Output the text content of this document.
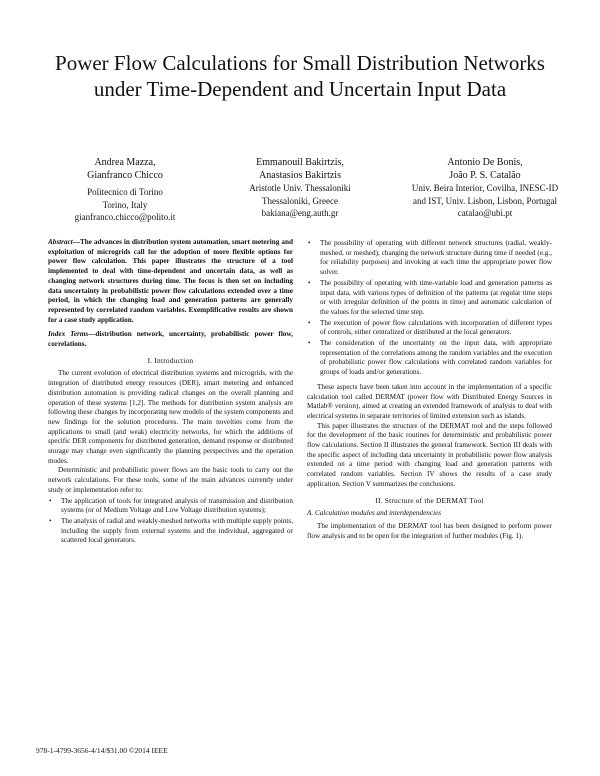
Power Flow Calculations for Small Distribution Networks under Time-Dependent and Uncertain Input Data
Andrea Mazza,
Gianfranco Chicco
Politecnico di Torino
Torino, Italy
gianfranco.chicco@polito.it
Emmanouil Bakirtzis,
Anastasios Bakirtzis
Aristotle Univ. Thessaloniki
Thessaloniki, Greece
bakiana@eng.auth.gr
Antonio De Bonis,
João P. S. Catalão
Univ. Beira Interior, Covilha, INESC-ID
and IST, Univ. Lisbon, Lisbon, Portugal
catalao@ubi.pt

Abstract—The advances in distribution system automation, smart metering and exploitation of microgrids call for the adoption of more flexible options for power flow calculation. This paper illustrates the structure of a tool implemented to deal with time-dependent and uncertain data, as well as changing network structures during time. The focus is then set on including data uncertainty in probabilistic power flow calculations extended over a time period, in which the changing load and generation patterns are generally represented by correlated random variables. Exemplificative results are shown for a case study application.

Index Terms—distribution network, uncertainty, probabilistic power flow, correlations.

I. Introduction

The current evolution of electrical distribution systems and microgrids, with the integration of distributed energy resources (DER), smart metering and enhanced distribution automation is providing radical changes on the overall planning and operation of these systems [1,2]. The methods for distribution system analysis are following these changes by incorporating new models of the system components and new findings for the solution procedures. The main novelties come from the applications to small (and weak) electricity networks, for which the additions of specific DER components for distributed generation, demand response or distributed storage may change even significantly the planning perspectives and the operation modes.

Deterministic and probabilistic power flows are the basic tools to carry out the network calculations. For these tools, some of the main advances currently under study or implementation refer to:

• The application of tools for integrated analysis of transmission and distribution systems (or of Medium Voltage and Low Voltage distribution systems);
• The analysis of radial and weakly-meshed networks with multiple supply points, including the supply from external systems and the individual, aggregated or scattered local generators.
• The possibility of operating with different network structures (radial, weakly-meshed, or meshed), changing the network structure during time if needed (e.g., for reliability purposes) and invoking at each time the appropriate power flow solver.
• The possibility of operating with time-variable load and generation patterns as input data, with various types of definition of the patterns (at regular time steps or with irregular definition of the points in time) and automatic calculation of the values for the selected time step.
• The execution of power flow calculations with incorporation of different types of controls, either centralized or distributed at the local generators.
• The consideration of the uncertainty on the input data, with appropriate representation of the correlations among the random variables and the execution of probabilistic power flow calculations with correlated random variables for groups of loads and/or generations.

These aspects have been taken into account in the implementation of a specific calculation tool called DERMAT (power flow with Distributed Energy Sources in Matlab® version), aimed at creating an extended framework of analysis to deal with electrical systems in separate territories of limited extension such as islands.

This paper illustrates the structure of the DERMAT tool and the steps followed for the development of the basic routines for deterministic and probabilistic power flow calculations. Section II illustrates the general framework. Section III deals with the specific aspect of including data uncertainty in probabilistic power flow analysis extended on a time period with changing load and generation patterns with correlated random variables. Section IV shows the results of a case study application. Section V summarizes the conclusions.

II. Structure of the DERMAT Tool
A. Calculation modules and interdependencies

The implementation of the DERMAT tool has been designed to perform power flow analysis and to be open for the integration of further modules (Fig. 1).

978-1-4799-3656-4/14/$31.00 ©2014 IEEE
